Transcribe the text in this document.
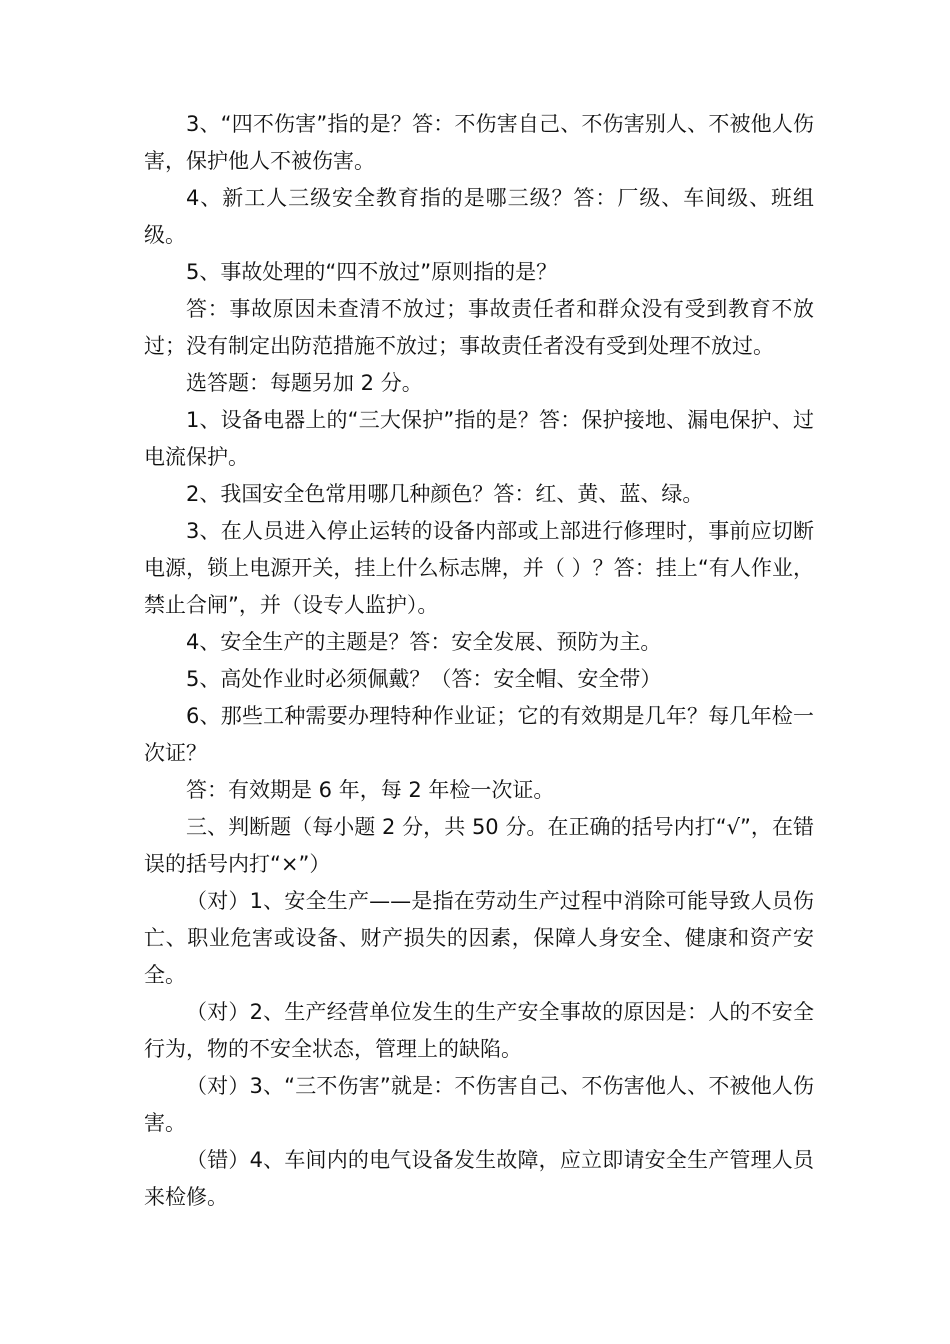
3、“四不伤害”指的是？答：不伤害自己、不伤害别人、不被他人伤害，保护他人不被伤害。

4、新工人三级安全教育指的是哪三级？答：厂级、车间级、班组级。

5、事故处理的“四不放过”原则指的是？

答：事故原因未查清不放过；事故责任者和群众没有受到教育不放过；没有制定出防范措施不放过；事故责任者没有受到处理不放过。

选答题：每题另加 2 分。

1、设备电器上的“三大保护”指的是？答：保护接地、漏电保护、过电流保护。

2、我国安全色常用哪几种颜色？答：红、黄、蓝、绿。

3、在人员进入停止运转的设备内部或上部进行修理时，事前应切断电源，锁上电源开关，挂上什么标志牌，并（ ）？答：挂上“有人作业，禁止合闸”，并（设专人监护）。

4、安全生产的主题是？答：安全发展、预防为主。

5、高处作业时必须佩戴？（答：安全帽、安全带）

6、那些工种需要办理特种作业证；它的有效期是几年？每几年检一次证？

答：有效期是 6 年，每 2 年检一次证。

三、判断题（每小题 2 分，共 50 分。在正确的括号内打“√”，在错误的括号内打“×”）

（对）1、安全生产——是指在劳动生产过程中消除可能导致人员伤亡、职业危害或设备、财产损失的因素，保障人身安全、健康和资产安全。

（对）2、生产经营单位发生的生产安全事故的原因是：人的不安全行为，物的不安全状态，管理上的缺陷。

（对）3、“三不伤害”就是：不伤害自己、不伤害他人、不被他人伤害。

（错）4、车间内的电气设备发生故障，应立即请安全生产管理人员来检修。
